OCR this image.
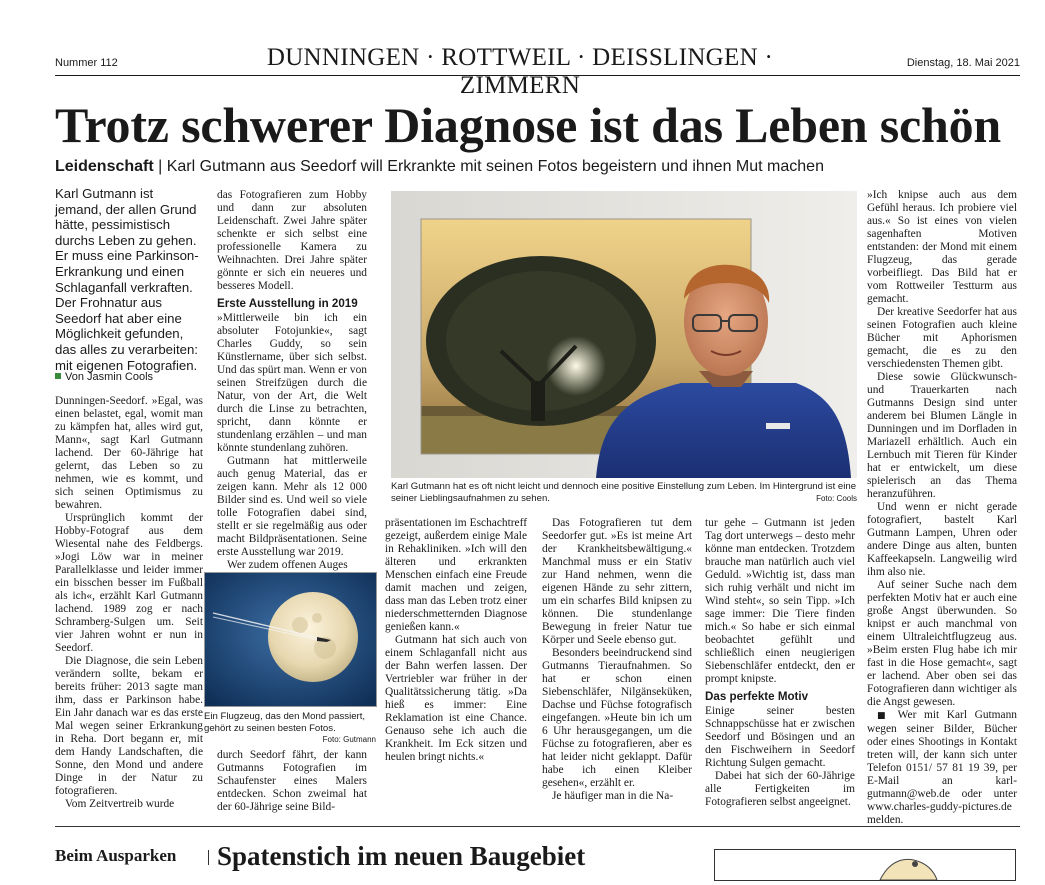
Nummer 112	DUNNINGEN · ROTTWEIL · DEISSLINGEN · ZIMMERN
Dienstag, 18. Mai 2021
Trotz schwerer Diagnose ist das Leben schön
Leidenschaft | Karl Gutmann aus Seedorf will Erkrankte mit seinen Fotos begeistern und ihnen Mut machen
Karl Gutmann ist jemand, der allen Grund hätte, pessimistisch durchs Leben zu gehen. Er muss eine Parkinson-Erkrankung und einen Schlaganfall verkraften. Der Frohnatur aus Seedorf hat aber eine Möglichkeit gefunden, das alles zu verarbeiten: mit eigenen Fotografien.
Von Jasmin Cools

Dunningen-Seedorf. »Egal, was einen belastet, egal, womit man zu kämpfen hat, alles wird gut, Mann«, sagt Karl Gutmann lachend. Der 60-Jährige hat gelernt, das Leben so zu nehmen, wie es kommt, und sich seinen Optimismus zu bewahren.

Ursprünglich kommt der Hobby-Fotograf aus dem Wiesental nahe des Feldbergs. »Jogi Löw war in meiner Parallelklasse und leider immer ein bisschen besser im Fußball als ich«, erzählt Karl Gutmann lachend. 1989 zog er nach Schramberg-Sulgen um. Seit vier Jahren wohnt er nun in Seedorf.

Die Diagnose, die sein Leben verändern sollte, bekam er bereits früher: 2013 sagte man ihm, dass er Parkinson habe. Ein Jahr danach war es das erste Mal wegen seiner Erkrankung in Reha. Dort begann er, mit dem Handy Landschaften, die Sonne, den Mond und andere Dinge in der Natur zu fotografieren.

Vom Zeitvertreib wurde

das Fotografieren zum Hobby und dann zur absoluten Leidenschaft. Zwei Jahre später schenkte er sich selbst eine professionelle Kamera zu Weihnachten. Drei Jahre später gönnte er sich ein neueres und besseres Modell.

Erste Ausstellung in 2019

»Mittlerweile bin ich ein absoluter Fotojunkie«, sagt Charles Guddy, so sein Künstlername, über sich selbst. Und das spürt man. Wenn er von seinen Streifzügen durch die Natur, von der Art, die Welt durch die Linse zu betrachten, spricht, dann könnte er stundenlang erzählen – und man könnte stundenlang zuhören.

Gutmann hat mittlerweile auch genug Material, das er zeigen kann. Mehr als 12 000 Bilder sind es. Und weil so viele tolle Fotografien dabei sind, stellt er sie regelmäßig aus oder macht Bildpräsentationen. Seine erste Ausstellung war 2019.

Wer zudem offenen Auges

Ein Flugzeug, das den Mond passiert, gehört zu seinen besten Fotos.
Foto: Gutmann

durch Seedorf fährt, der kann Gutmanns Fotografien im Schaufenster eines Malers entdecken. Schon zweimal hat der 60-Jährige seine Bild-

Karl Gutmann hat es oft nicht leicht und dennoch eine positive Einstellung zum Leben. Im Hintergrund ist eine seiner Lieblingsaufnahmen zu sehen.	Foto: Cools

präsentationen im Eschachtreff gezeigt, außerdem einige Male in Rehakliniken. »Ich will den älteren und erkrankten Menschen einfach eine Freude damit machen und zeigen, dass man das Leben trotz einer niederschmetternden Diagnose genießen kann.«

Gutmann hat sich auch von einem Schlaganfall nicht aus der Bahn werfen lassen. Der Vertriebler war früher in der Qualitätssicherung tätig. »Da hieß es immer: Eine Reklamation ist eine Chance. Genauso sehe ich auch die Krankheit. Im Eck sitzen und heulen bringt nichts.«

Das Fotografieren tut dem Seedorfer gut. »Es ist meine Art der Krankheitsbewältigung.« Manchmal muss er ein Stativ zur Hand nehmen, wenn die eigenen Hände zu sehr zittern, um ein scharfes Bild knipsen zu können. Die stundenlange Bewegung in freier Natur tue Körper und Seele ebenso gut.

Besonders beeindruckend sind Gutmanns Tieraufnahmen. So hat er schon einen Siebenschläfer, Nilgänseküken, Dachse und Füchse fotografisch eingefangen. »Heute bin ich um 6 Uhr herausgegangen, um die Füchse zu fotografieren, aber es hat leider nicht geklappt. Dafür habe ich einen Kleiber gesehen«, erzählt er.

Je häufiger man in die Na-

tur gehe – Gutmann ist jeden Tag dort unterwegs – desto mehr könne man entdecken. Trotzdem brauche man natürlich auch viel Geduld. »Wichtig ist, dass man sich ruhig verhält und nicht im Wind steht«, so sein Tipp. »Ich sage immer: Die Tiere finden mich.« So habe er sich einmal beobachtet gefühlt und schließlich einen neugierigen Siebenschläfer entdeckt, den er prompt knipste.

Das perfekte Motiv

Einige seiner besten Schnappschüsse hat er zwischen Seedorf und Bösingen und an den Fischweihern in Seedorf Richtung Sulgen gemacht.

Dabei hat sich der 60-Jährige alle Fertigkeiten im Fotografieren selbst angeeignet.

»Ich knipse auch aus dem Gefühl heraus. Ich probiere viel aus.« So ist eines von vielen sagenhaften Motiven entstanden: der Mond mit einem Flugzeug, das gerade vorbeifliegt. Das Bild hat er vom Rottweiler Testturm aus gemacht.

Der kreative Seedorfer hat aus seinen Fotografien auch kleine Bücher mit Aphorismen gemacht, die es zu den verschiedensten Themen gibt.

Diese sowie Glückwunsch- und Trauerkarten nach Gutmanns Design sind unter anderem bei Blumen Längle in Dunningen und im Dorfladen in Mariazell erhältlich. Auch ein Lernbuch mit Tieren für Kinder hat er entwickelt, um diese spielerisch an das Thema heranzuführen.

Und wenn er nicht gerade fotografiert, bastelt Karl Gutmann Lampen, Uhren oder andere Dinge aus alten, bunten Kaffeekapseln. Langweilig wird ihm also nie.

Auf seiner Suche nach dem perfekten Motiv hat er auch eine große Angst überwunden. So knipst er auch manchmal von einem Ultraleichtflugzeug aus. »Beim ersten Flug habe ich mir fast in die Hose gemacht«, sagt er lachend. Aber oben sei das Fotografieren dann wichtiger als die Angst gewesen.

■ Wer mit Karl Gutmann wegen seiner Bilder, Bücher oder eines Shootings in Kontakt treten will, der kann sich unter Telefon 0151/ 57 81 19 39, per E-Mail an karl-gutmann@web.de oder unter www.charles-guddy-pictures.de melden.

Beim Ausparken Spatenstich im neuen Baugebiet
